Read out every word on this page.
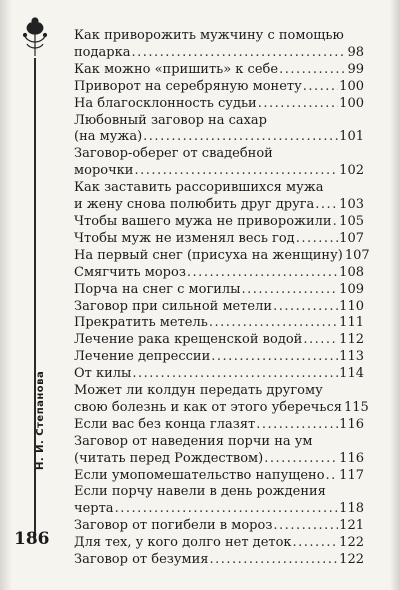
Н. И. Степанова
186
Как приворожить мужчину с помощью
подарка .....	98
Как можно «пришить» к себе .....	99
Приворот на серебряную монету .....	100
На благосклонность судьи .....	100
Любовный заговор на сахар
(на мужа) .....	101
Заговор-оберег от свадебной
морочки .....	102
Как заставить рассорившихся мужа
и жену снова полюбить друг друга ..... 103
Чтобы вашего мужа не приворожили ..... 105
Чтобы муж не изменял весь год .....	107
На первый снег (присуха на женщину) 107
Смягчить мороз .....	108
Порча на снег с могилы .....	109
Заговор при сильной метели .....	110
Прекратить метель .....	111
Лечение рака крещенской водой .....	112
Лечение депрессии .....	113
От килы .....	114
Может ли колдун передать другому
свою болезнь и как от этого уберечься 115
Если вас без конца глазят .....	116
Заговор от наведения порчи на ум
(читать перед Рождеством) .....	116
Если умопомешательство напущено ..... 117
Если порчу навели в день рождения
черта .....	118
Заговор от погибели в мороз .....	121
Для тех, у кого долго нет деток .....	122
Заговор от безумия .....	122
